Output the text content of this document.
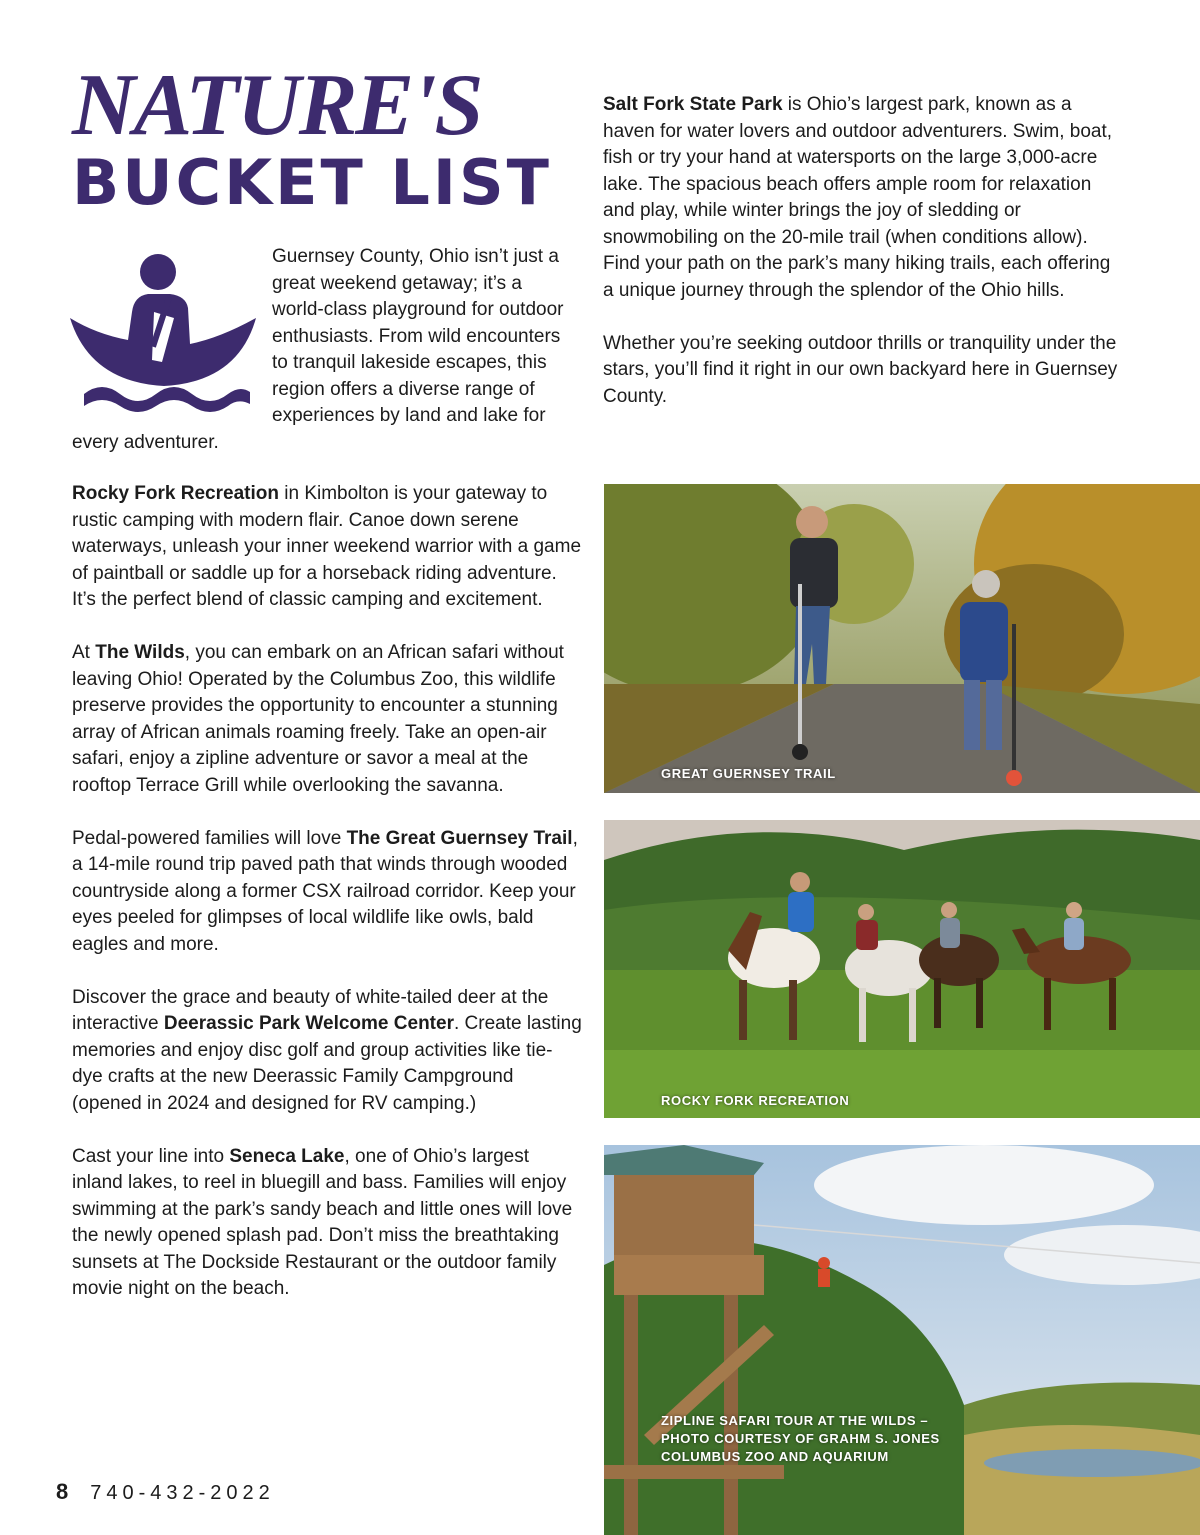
NATURE'S
BUCKET LIST

Guernsey County, Ohio isn’t just a great weekend getaway; it’s a world-class playground for outdoor enthusiasts. From wild encounters to tranquil lakeside escapes, this region offers a diverse range of experiences by land and lake for every adventurer.

Rocky Fork Recreation in Kimbolton is your gateway to rustic camping with modern flair. Canoe down serene waterways, unleash your inner weekend warrior with a game of paintball or saddle up for a horseback riding adventure. It’s the perfect blend of classic camping and excitement.

At The Wilds, you can embark on an African safari without leaving Ohio! Operated by the Columbus Zoo, this wildlife preserve provides the opportunity to encounter a stunning array of African animals roaming freely. Take an open-air safari, enjoy a zipline adventure or savor a meal at the rooftop Terrace Grill while overlooking the savanna.

Pedal-powered families will love The Great Guernsey Trail, a 14-mile round trip paved path that winds through wooded countryside along a former CSX railroad corridor. Keep your eyes peeled for glimpses of local wildlife like owls, bald eagles and more.

Discover the grace and beauty of white-tailed deer at the interactive Deerassic Park Welcome Center. Create lasting memories and enjoy disc golf and group activities like tie-dye crafts at the new Deerassic Family Campground (opened in 2024 and designed for RV camping.)

Cast your line into Seneca Lake, one of Ohio’s largest inland lakes, to reel in bluegill and bass. Families will enjoy swimming at the park’s sandy beach and little ones will love the newly opened splash pad. Don’t miss the breathtaking sunsets at The Dockside Restaurant or the outdoor family movie night on the beach.

Salt Fork State Park is Ohio’s largest park, known as a haven for water lovers and outdoor adventurers. Swim, boat, fish or try your hand at watersports on the large 3,000-acre lake. The spacious beach offers ample room for relaxation and play, while winter brings the joy of sledding or snowmobiling on the 20-mile trail (when conditions allow). Find your path on the park’s many hiking trails, each offering a unique journey through the splendor of the Ohio hills.

Whether you’re seeking outdoor thrills or tranquility under the stars, you’ll find it right in our own backyard here in Guernsey County.

GREAT GUERNSEY TRAIL
ROCKY FORK RECREATION
ZIPLINE SAFARI TOUR AT THE WILDS –
PHOTO COURTESY OF GRAHM S. JONES
COLUMBUS ZOO AND AQUARIUM
8 740-432-2022
